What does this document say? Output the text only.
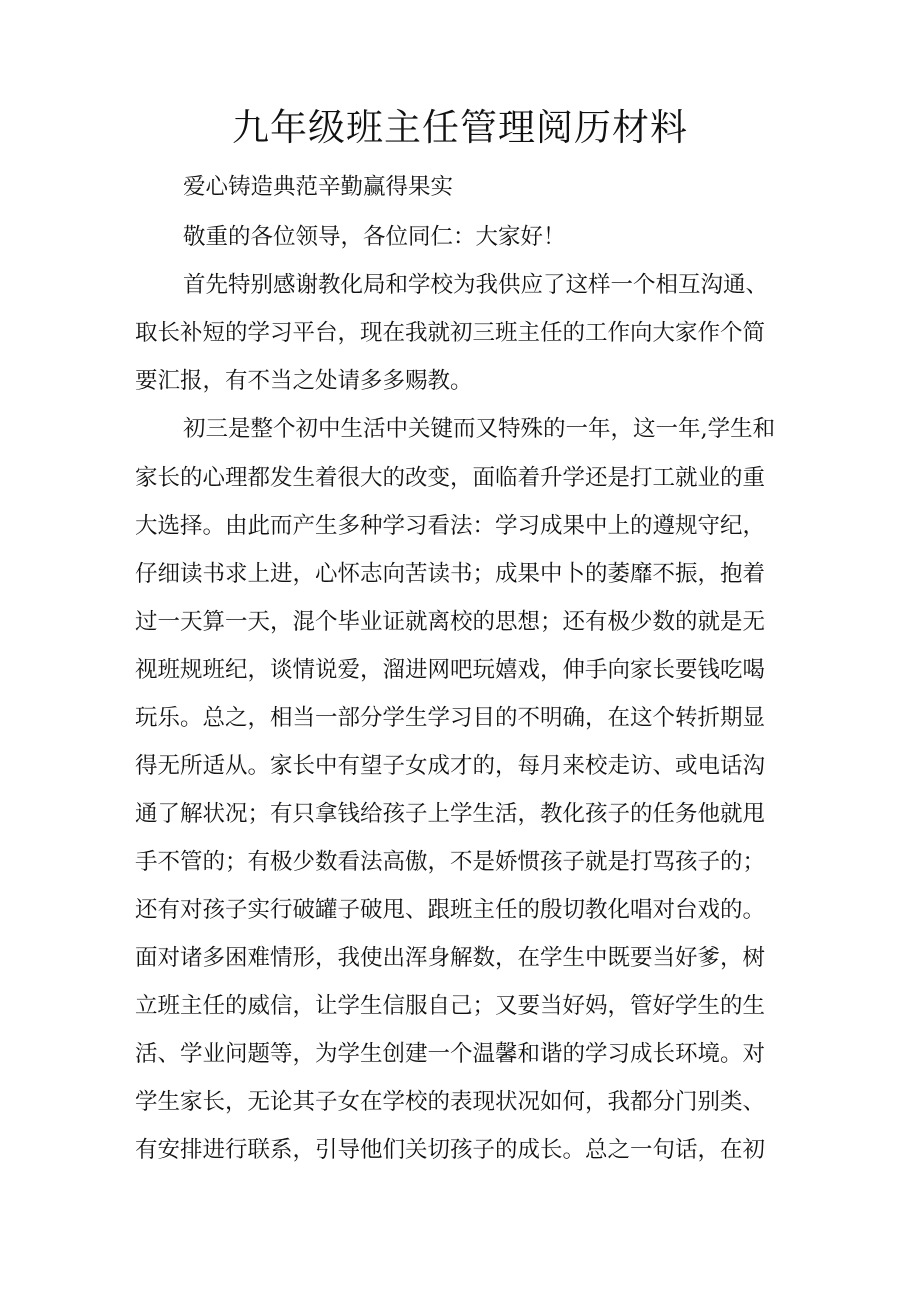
九年级班主任管理阅历材料

爱心铸造典范辛勤赢得果实

敬重的各位领导，各位同仁：大家好！

首先特别感谢教化局和学校为我供应了这样一个相互沟通、

取长补短的学习平台，现在我就初三班主任的工作向大家作个简

要汇报，有不当之处请多多赐教。

初三是整个初中生活中关键而又特殊的一年，这一年,学生和

家长的心理都发生着很大的改变，面临着升学还是打工就业的重

大选择。由此而产生多种学习看法：学习成果中上的遵规守纪，

仔细读书求上进，心怀志向苦读书；成果中卜的萎靡不振，抱着

过一天算一天，混个毕业证就离校的思想；还有极少数的就是无

视班规班纪，谈情说爱，溜进网吧玩嬉戏，伸手向家长要钱吃喝

玩乐。总之，相当一部分学生学习目的不明确，在这个转折期显

得无所适从。家长中有望子女成才的，每月来校走访、或电话沟

通了解状况；有只拿钱给孩子上学生活，教化孩子的任务他就甩

手不管的；有极少数看法高傲，不是娇惯孩子就是打骂孩子的；

还有对孩子实行破罐子破甩、跟班主任的殷切教化唱对台戏的。

面对诸多困难情形，我使出浑身解数，在学生中既要当好爹，树

立班主任的威信，让学生信服自己；又要当好妈，管好学生的生

活、学业问题等，为学生创建一个温馨和谐的学习成长环境。对

学生家长，无论其子女在学校的表现状况如何，我都分门别类、

有安排进行联系，引导他们关切孩子的成长。总之一句话，在初
